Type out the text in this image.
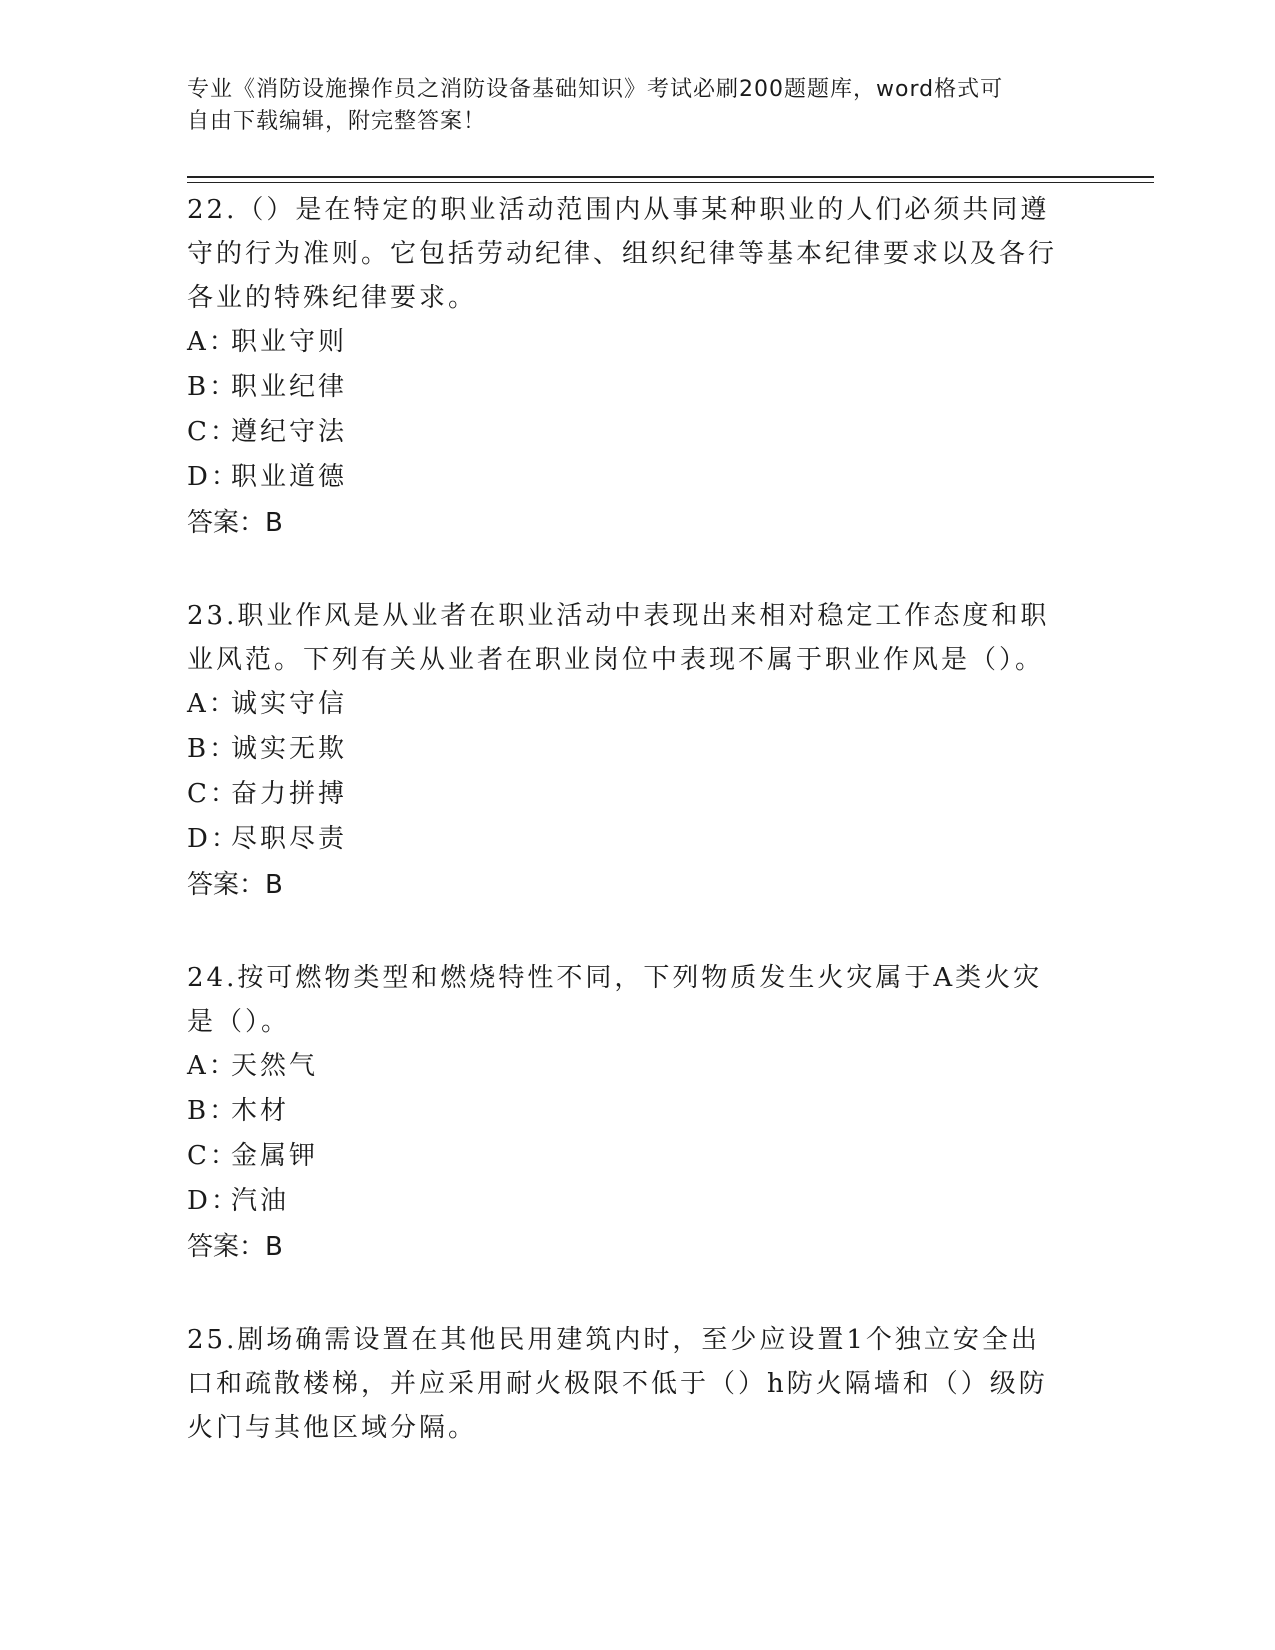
专业《消防设施操作员之消防设备基础知识》考试必刷200题题库，word格式可
自由下载编辑，附完整答案！

22.（）是在特定的职业活动范围内从事某种职业的人们必须共同遵守的行为准则。它包括劳动纪律、组织纪律等基本纪律要求以及各行各业的特殊纪律要求。

A：职业守则

B：职业纪律

C：遵纪守法

D：职业道德

答案：B

23.职业作风是从业者在职业活动中表现出来相对稳定工作态度和职业风范。下列有关从业者在职业岗位中表现不属于职业作风是（）。

A：诚实守信

B：诚实无欺

C：奋力拼搏

D：尽职尽责

答案：B

24.按可燃物类型和燃烧特性不同，下列物质发生火灾属于A类火灾是（）。

A：天然气

B：木材

C：金属钾

D：汽油

答案：B

25.剧场确需设置在其他民用建筑内时，至少应设置1个独立安全出口和疏散楼梯，并应采用耐火极限不低于（）h防火隔墙和（）级防火门与其他区域分隔。
